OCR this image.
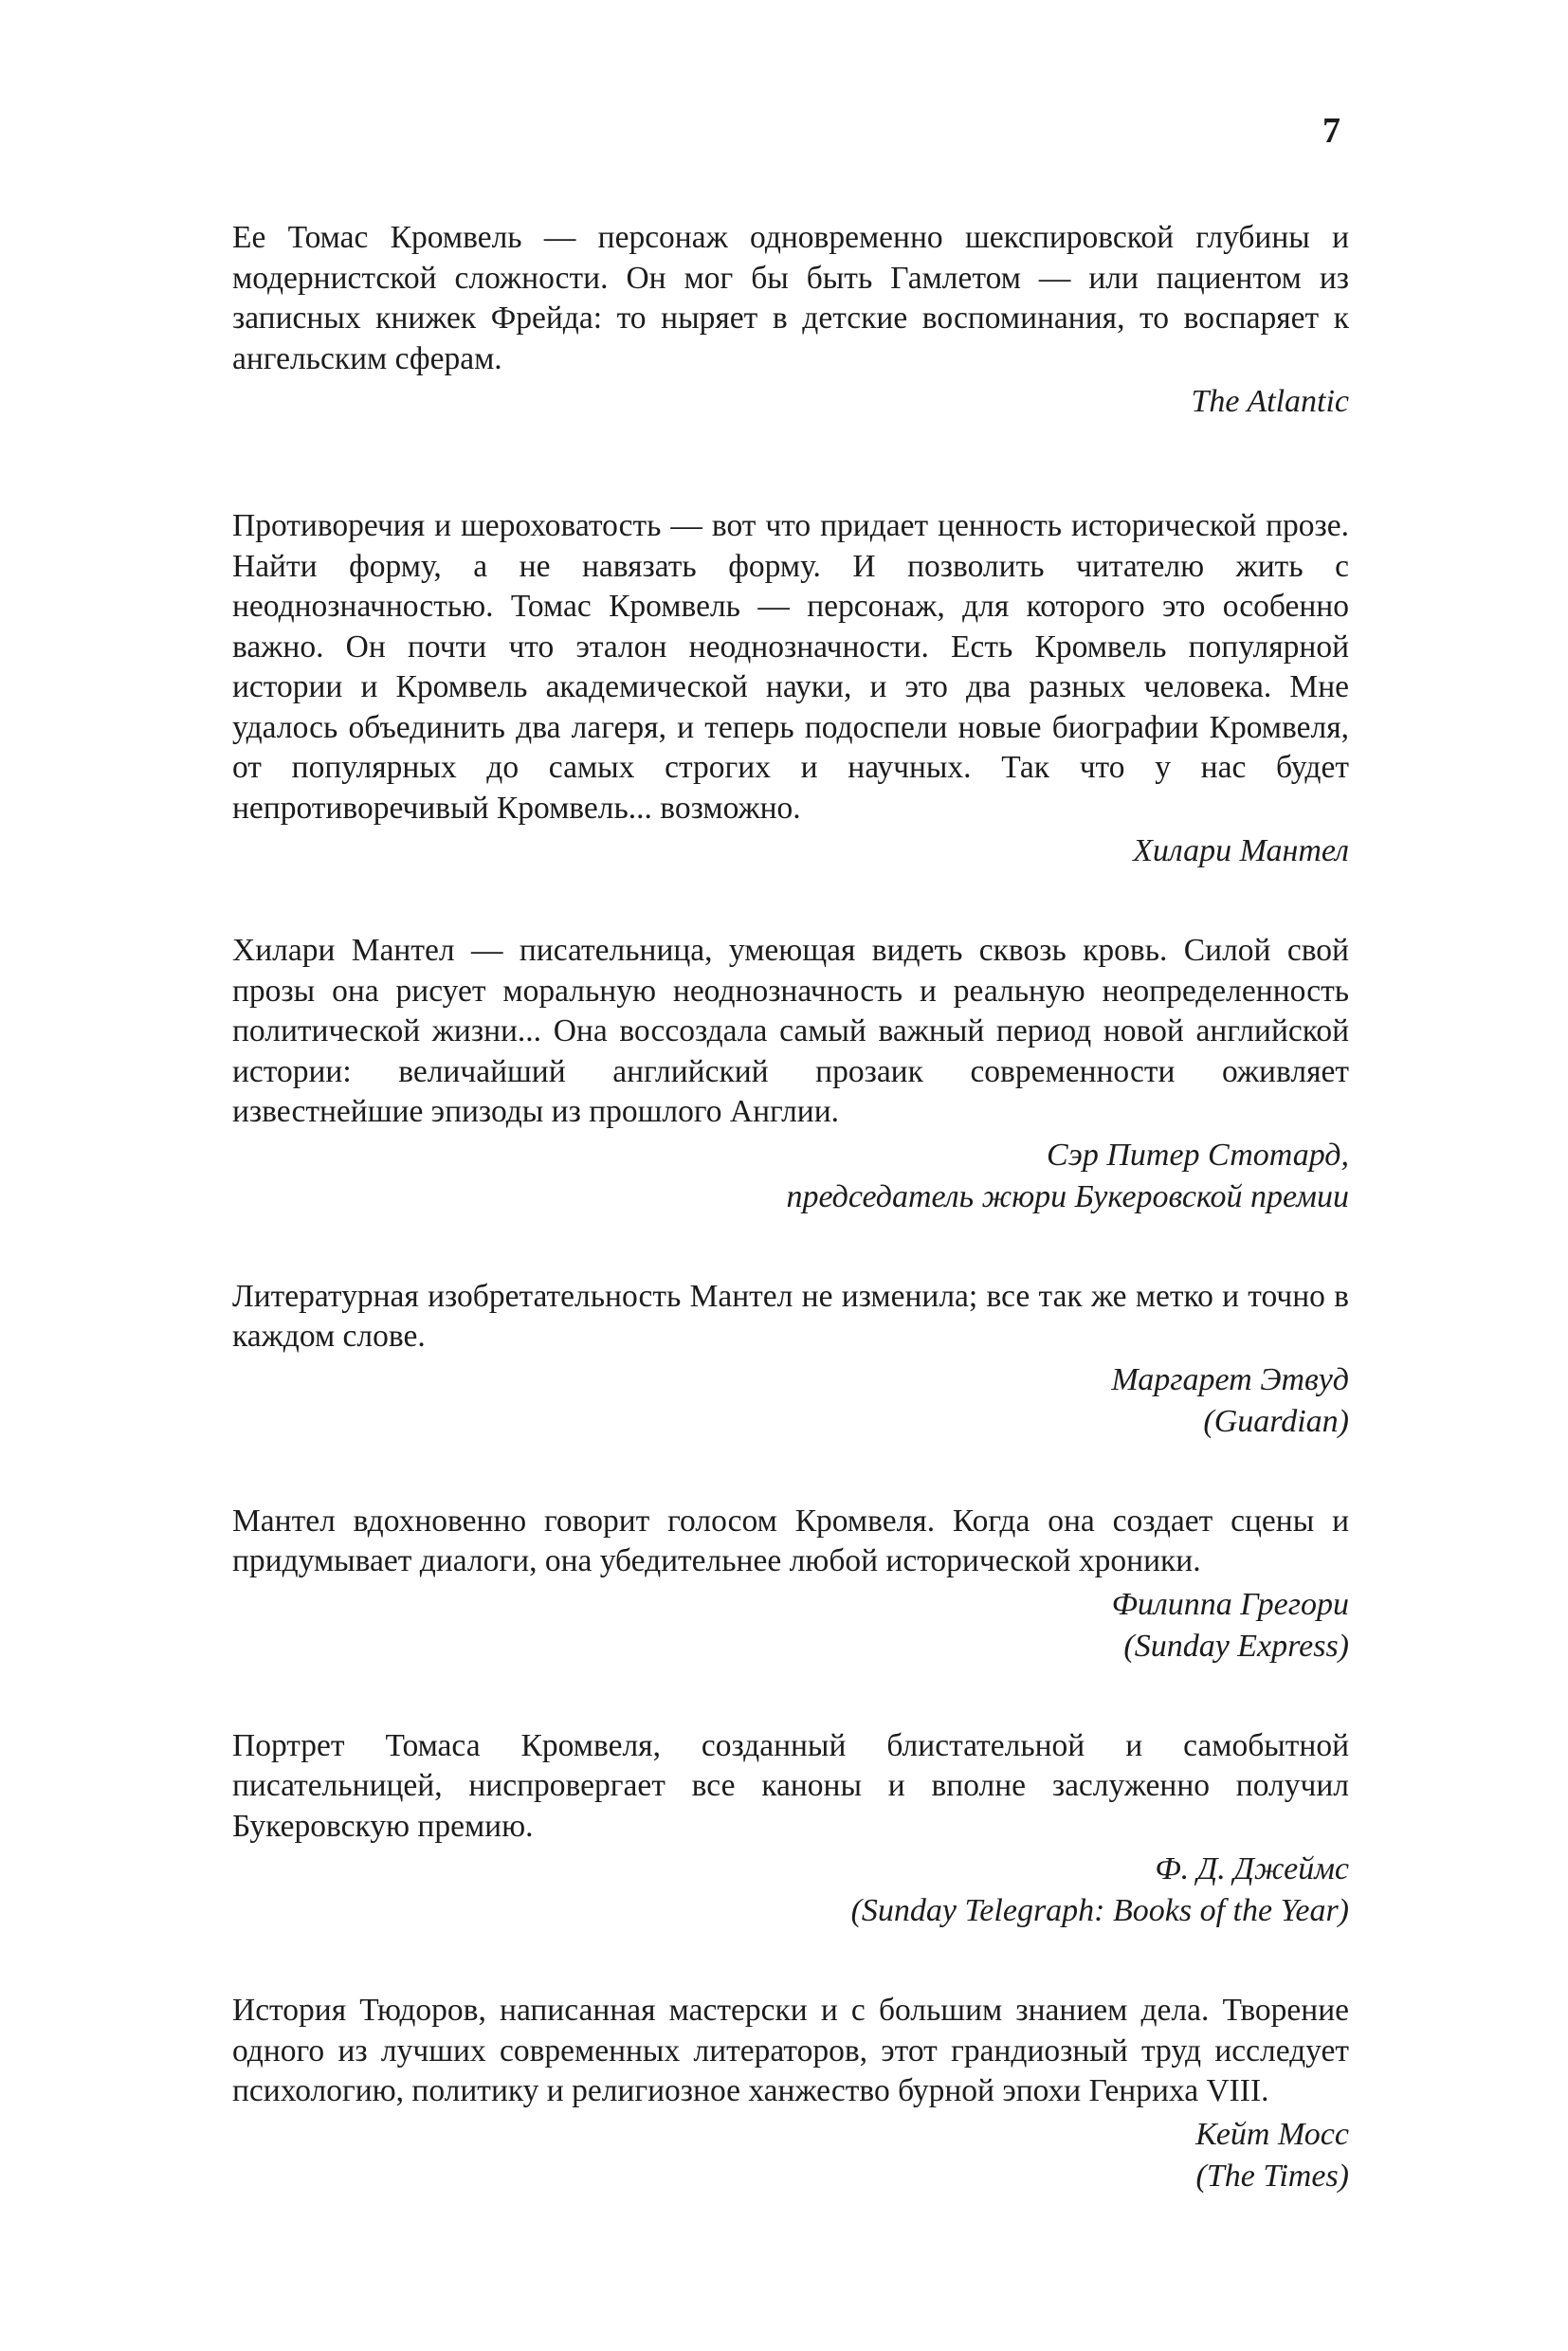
7

Ее Томас Кромвель — персонаж одновременно шекспировской глубины и модернистской сложности. Он мог бы быть Гамлетом — или пациентом из записных книжек Фрейда: то ныряет в детские воспоминания, то воспаряет к ангельским сферам.

The Atlantic

Противоречия и шероховатость — вот что придает ценность исторической прозе. Найти форму, а не навязать форму. И позволить читателю жить с неоднозначностью. Томас Кромвель — персонаж, для которого это особенно важно. Он почти что эталон неоднозначности. Есть Кромвель популярной истории и Кромвель академической науки, и это два разных человека. Мне удалось объединить два лагеря, и теперь подоспели новые биографии Кромвеля, от популярных до самых строгих и научных. Так что у нас будет непротиворечивый Кромвель... возможно.

Хилари Мантел

Хилари Мантел — писательница, умеющая видеть сквозь кровь. Силой свой прозы она рисует моральную неоднозначность и реальную неопределенность политической жизни... Она воссоздала самый важный период новой английской истории: величайший английский прозаик современности оживляет известнейшие эпизоды из прошлого Англии.

Сэр Питер Стотард,
председатель жюри Букеровской премии

Литературная изобретательность Мантел не изменила; все так же метко и точно в каждом слове.

Маргарет Этвуд
(Guardian)

Мантел вдохновенно говорит голосом Кромвеля. Когда она создает сцены и придумывает диалоги, она убедительнее любой исторической хроники.

Филиппа Грегори
(Sunday Express)

Портрет Томаса Кромвеля, созданный блистательной и самобытной писательницей, ниспровергает все каноны и вполне заслуженно получил Букеровскую премию.

Ф. Д. Джеймс
(Sunday Telegraph: Books of the Year)

История Тюдоров, написанная мастерски и с большим знанием дела. Творение одного из лучших современных литераторов, этот грандиозный труд исследует психологию, политику и религиозное ханжество бурной эпохи Генриха VIII.

Кейт Мосс
(The Times)
